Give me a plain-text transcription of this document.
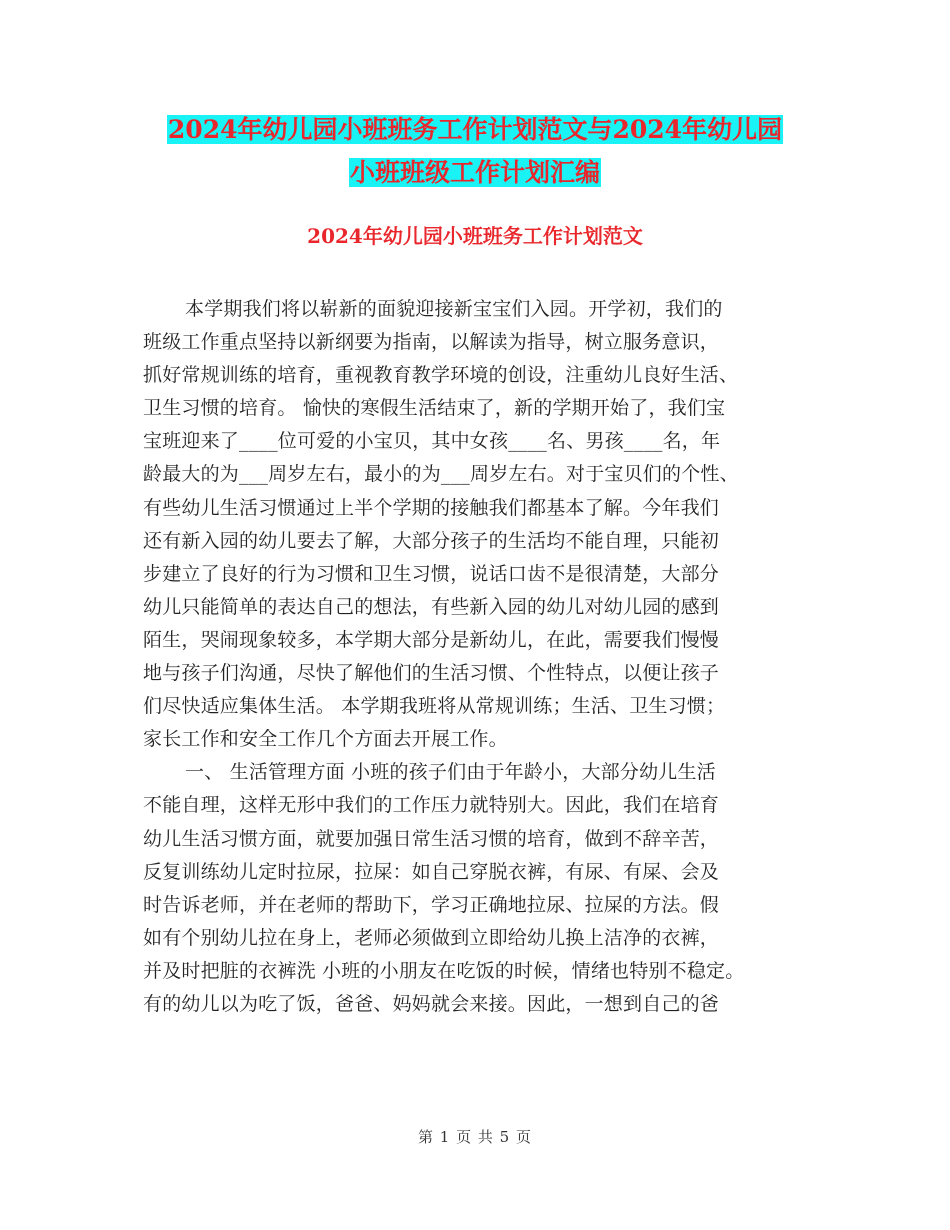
2024年幼儿园小班班务工作计划范文与2024年幼儿园
小班班级工作计划汇编
2024年幼儿园小班班务工作计划范文
本学期我们将以崭新的面貌迎接新宝宝们入园。开学初，我们的
班级工作重点坚持以新纲要为指南，以解读为指导，树立服务意识，
抓好常规训练的培育，重视教育教学环境的创设，注重幼儿良好生活、
卫生习惯的培育。 愉快的寒假生活结束了，新的学期开始了，我们宝
宝班迎来了____位可爱的小宝贝，其中女孩____名、男孩____名，年
龄最大的为___周岁左右，最小的为___周岁左右。对于宝贝们的个性、
有些幼儿生活习惯通过上半个学期的接触我们都基本了解。今年我们
还有新入园的幼儿要去了解，大部分孩子的生活均不能自理，只能初
步建立了良好的行为习惯和卫生习惯，说话口齿不是很清楚，大部分
幼儿只能简单的表达自己的想法，有些新入园的幼儿对幼儿园的感到
陌生，哭闹现象较多，本学期大部分是新幼儿，在此，需要我们慢慢
地与孩子们沟通，尽快了解他们的生活习惯、个性特点，以便让孩子
们尽快适应集体生活。 本学期我班将从常规训练；生活、卫生习惯；
家长工作和安全工作几个方面去开展工作。
一、 生活管理方面 小班的孩子们由于年龄小，大部分幼儿生活
不能自理，这样无形中我们的工作压力就特别大。因此，我们在培育
幼儿生活习惯方面，就要加强日常生活习惯的培育，做到不辞辛苦，
反复训练幼儿定时拉尿，拉屎：如自己穿脱衣裤，有尿、有屎、会及
时告诉老师，并在老师的帮助下，学习正确地拉尿、拉屎的方法。假
如有个别幼儿拉在身上，老师必须做到立即给幼儿换上洁净的衣裤，
并及时把脏的衣裤洗 小班的小朋友在吃饭的时候，情绪也特别不稳定。
有的幼儿以为吃了饭，爸爸、妈妈就会来接。因此，一想到自己的爸
第 1 页 共 5 页
